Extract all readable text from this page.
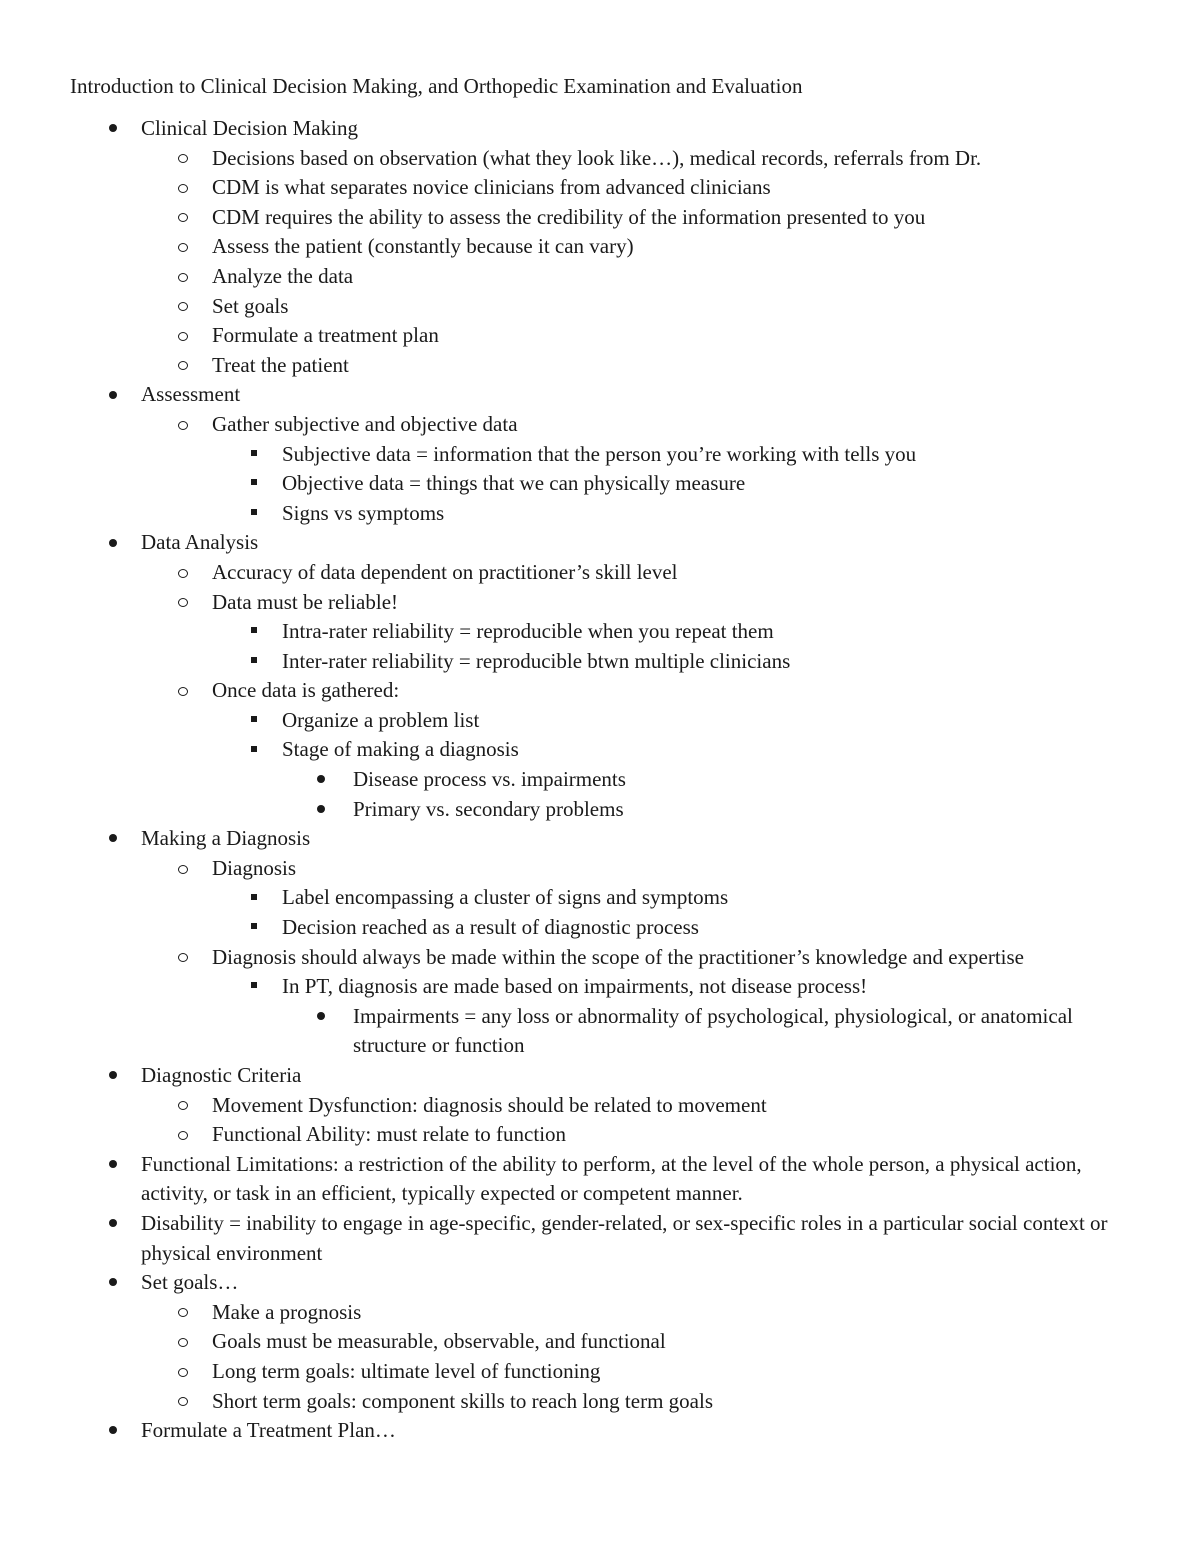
Introduction to Clinical Decision Making, and Orthopedic Examination and Evaluation
Clinical Decision Making
Decisions based on observation (what they look like…), medical records, referrals from Dr.
CDM is what separates novice clinicians from advanced clinicians
CDM requires the ability to assess the credibility of the information presented to you
Assess the patient (constantly because it can vary)
Analyze the data
Set goals
Formulate a treatment plan
Treat the patient
Assessment
Gather subjective and objective data
Subjective data = information that the person you’re working with tells you
Objective data = things that we can physically measure
Signs vs symptoms
Data Analysis
Accuracy of data dependent on practitioner’s skill level
Data must be reliable!
Intra-rater reliability = reproducible when you repeat them
Inter-rater reliability = reproducible btwn multiple clinicians
Once data is gathered:
Organize a problem list
Stage of making a diagnosis
Disease process vs. impairments
Primary vs. secondary problems
Making a Diagnosis
Diagnosis
Label encompassing a cluster of signs and symptoms
Decision reached as a result of diagnostic process
Diagnosis should always be made within the scope of the practitioner’s knowledge and expertise
In PT, diagnosis are made based on impairments, not disease process!
Impairments = any loss or abnormality of psychological, physiological, or anatomical structure or function
Diagnostic Criteria
Movement Dysfunction: diagnosis should be related to movement
Functional Ability: must relate to function
Functional Limitations: a restriction of the ability to perform, at the level of the whole person, a physical action, activity, or task in an efficient, typically expected or competent manner.
Disability = inability to engage in age-specific, gender-related, or sex-specific roles in a particular social context or physical environment
Set goals…
Make a prognosis
Goals must be measurable, observable, and functional
Long term goals: ultimate level of functioning
Short term goals: component skills to reach long term goals
Formulate a Treatment Plan…
